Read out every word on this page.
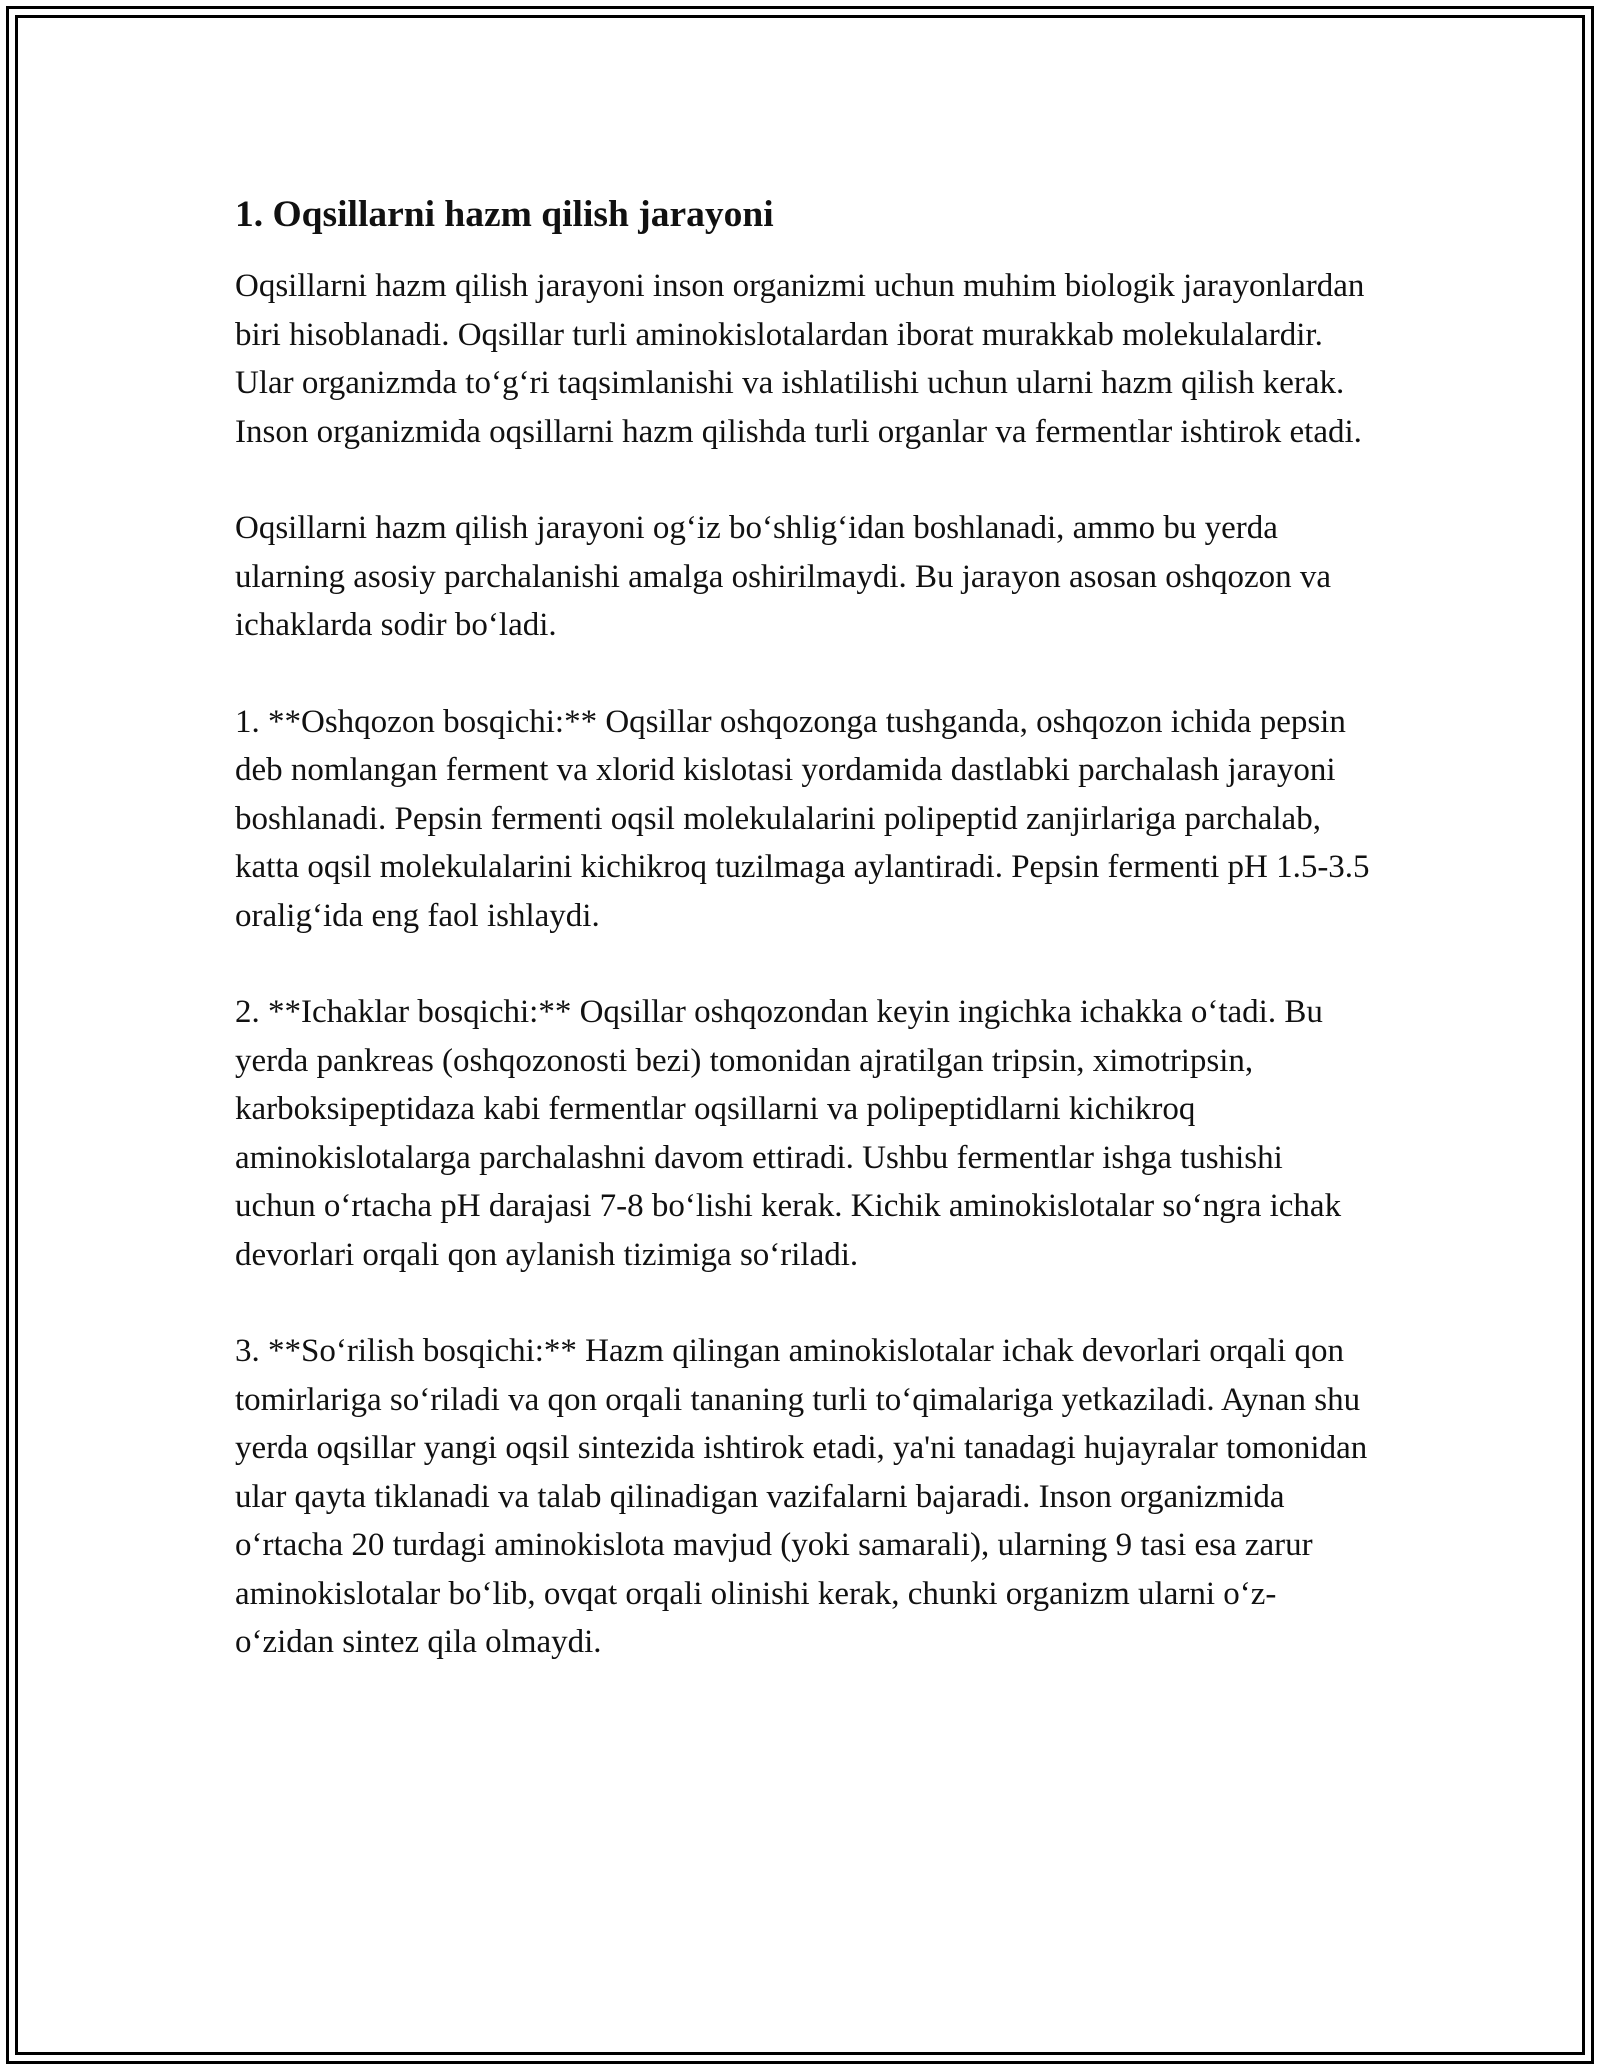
1. Oqsillarni hazm qilish jarayoni

Oqsillarni hazm qilish jarayoni inson organizmi uchun muhim biologik jarayonlardan biri hisoblanadi. Oqsillar turli aminokislotalardan iborat murakkab molekulalardir. Ular organizmda to‘g‘ri taqsimlanishi va ishlatilishi uchun ularni hazm qilish kerak. Inson organizmida oqsillarni hazm qilishda turli organlar va fermentlar ishtirok etadi.

Oqsillarni hazm qilish jarayoni og‘iz bo‘shlig‘idan boshlanadi, ammo bu yerda ularning asosiy parchalanishi amalga oshirilmaydi. Bu jarayon asosan oshqozon va ichaklarda sodir bo‘ladi.

1. **Oshqozon bosqichi:** Oqsillar oshqozonga tushganda, oshqozon ichida pepsin deb nomlangan ferment va xlorid kislotasi yordamida dastlabki parchalash jarayoni boshlanadi. Pepsin fermenti oqsil molekulalarini polipeptid zanjirlariga parchalab, katta oqsil molekulalarini kichikroq tuzilmaga aylantiradi. Pepsin fermenti pH 1.5-3.5 oralig‘ida eng faol ishlaydi.

2. **Ichaklar bosqichi:** Oqsillar oshqozondan keyin ingichka ichakka o‘tadi. Bu yerda pankreas (oshqozonosti bezi) tomonidan ajratilgan tripsin, ximotripsin, karboksipeptidaza kabi fermentlar oqsillarni va polipeptidlarni kichikroq aminokislotalarga parchalashni davom ettiradi. Ushbu fermentlar ishga tushishi uchun o‘rtacha pH darajasi 7-8 bo‘lishi kerak. Kichik aminokislotalar so‘ngra ichak devorlari orqali qon aylanish tizimiga so‘riladi.

3. **So‘rilish bosqichi:** Hazm qilingan aminokislotalar ichak devorlari orqali qon tomirlariga so‘riladi va qon orqali tananing turli to‘qimalariga yetkaziladi. Aynan shu yerda oqsillar yangi oqsil sintezida ishtirok etadi, ya'ni tanadagi hujayralar tomonidan ular qayta tiklanadi va talab qilinadigan vazifalarni bajaradi. Inson organizmida o‘rtacha 20 turdagi aminokislota mavjud (yoki samarali), ularning 9 tasi esa zarur aminokislotalar bo‘lib, ovqat orqali olinishi kerak, chunki organizm ularni o‘z-o‘zidan sintez qila olmaydi.
